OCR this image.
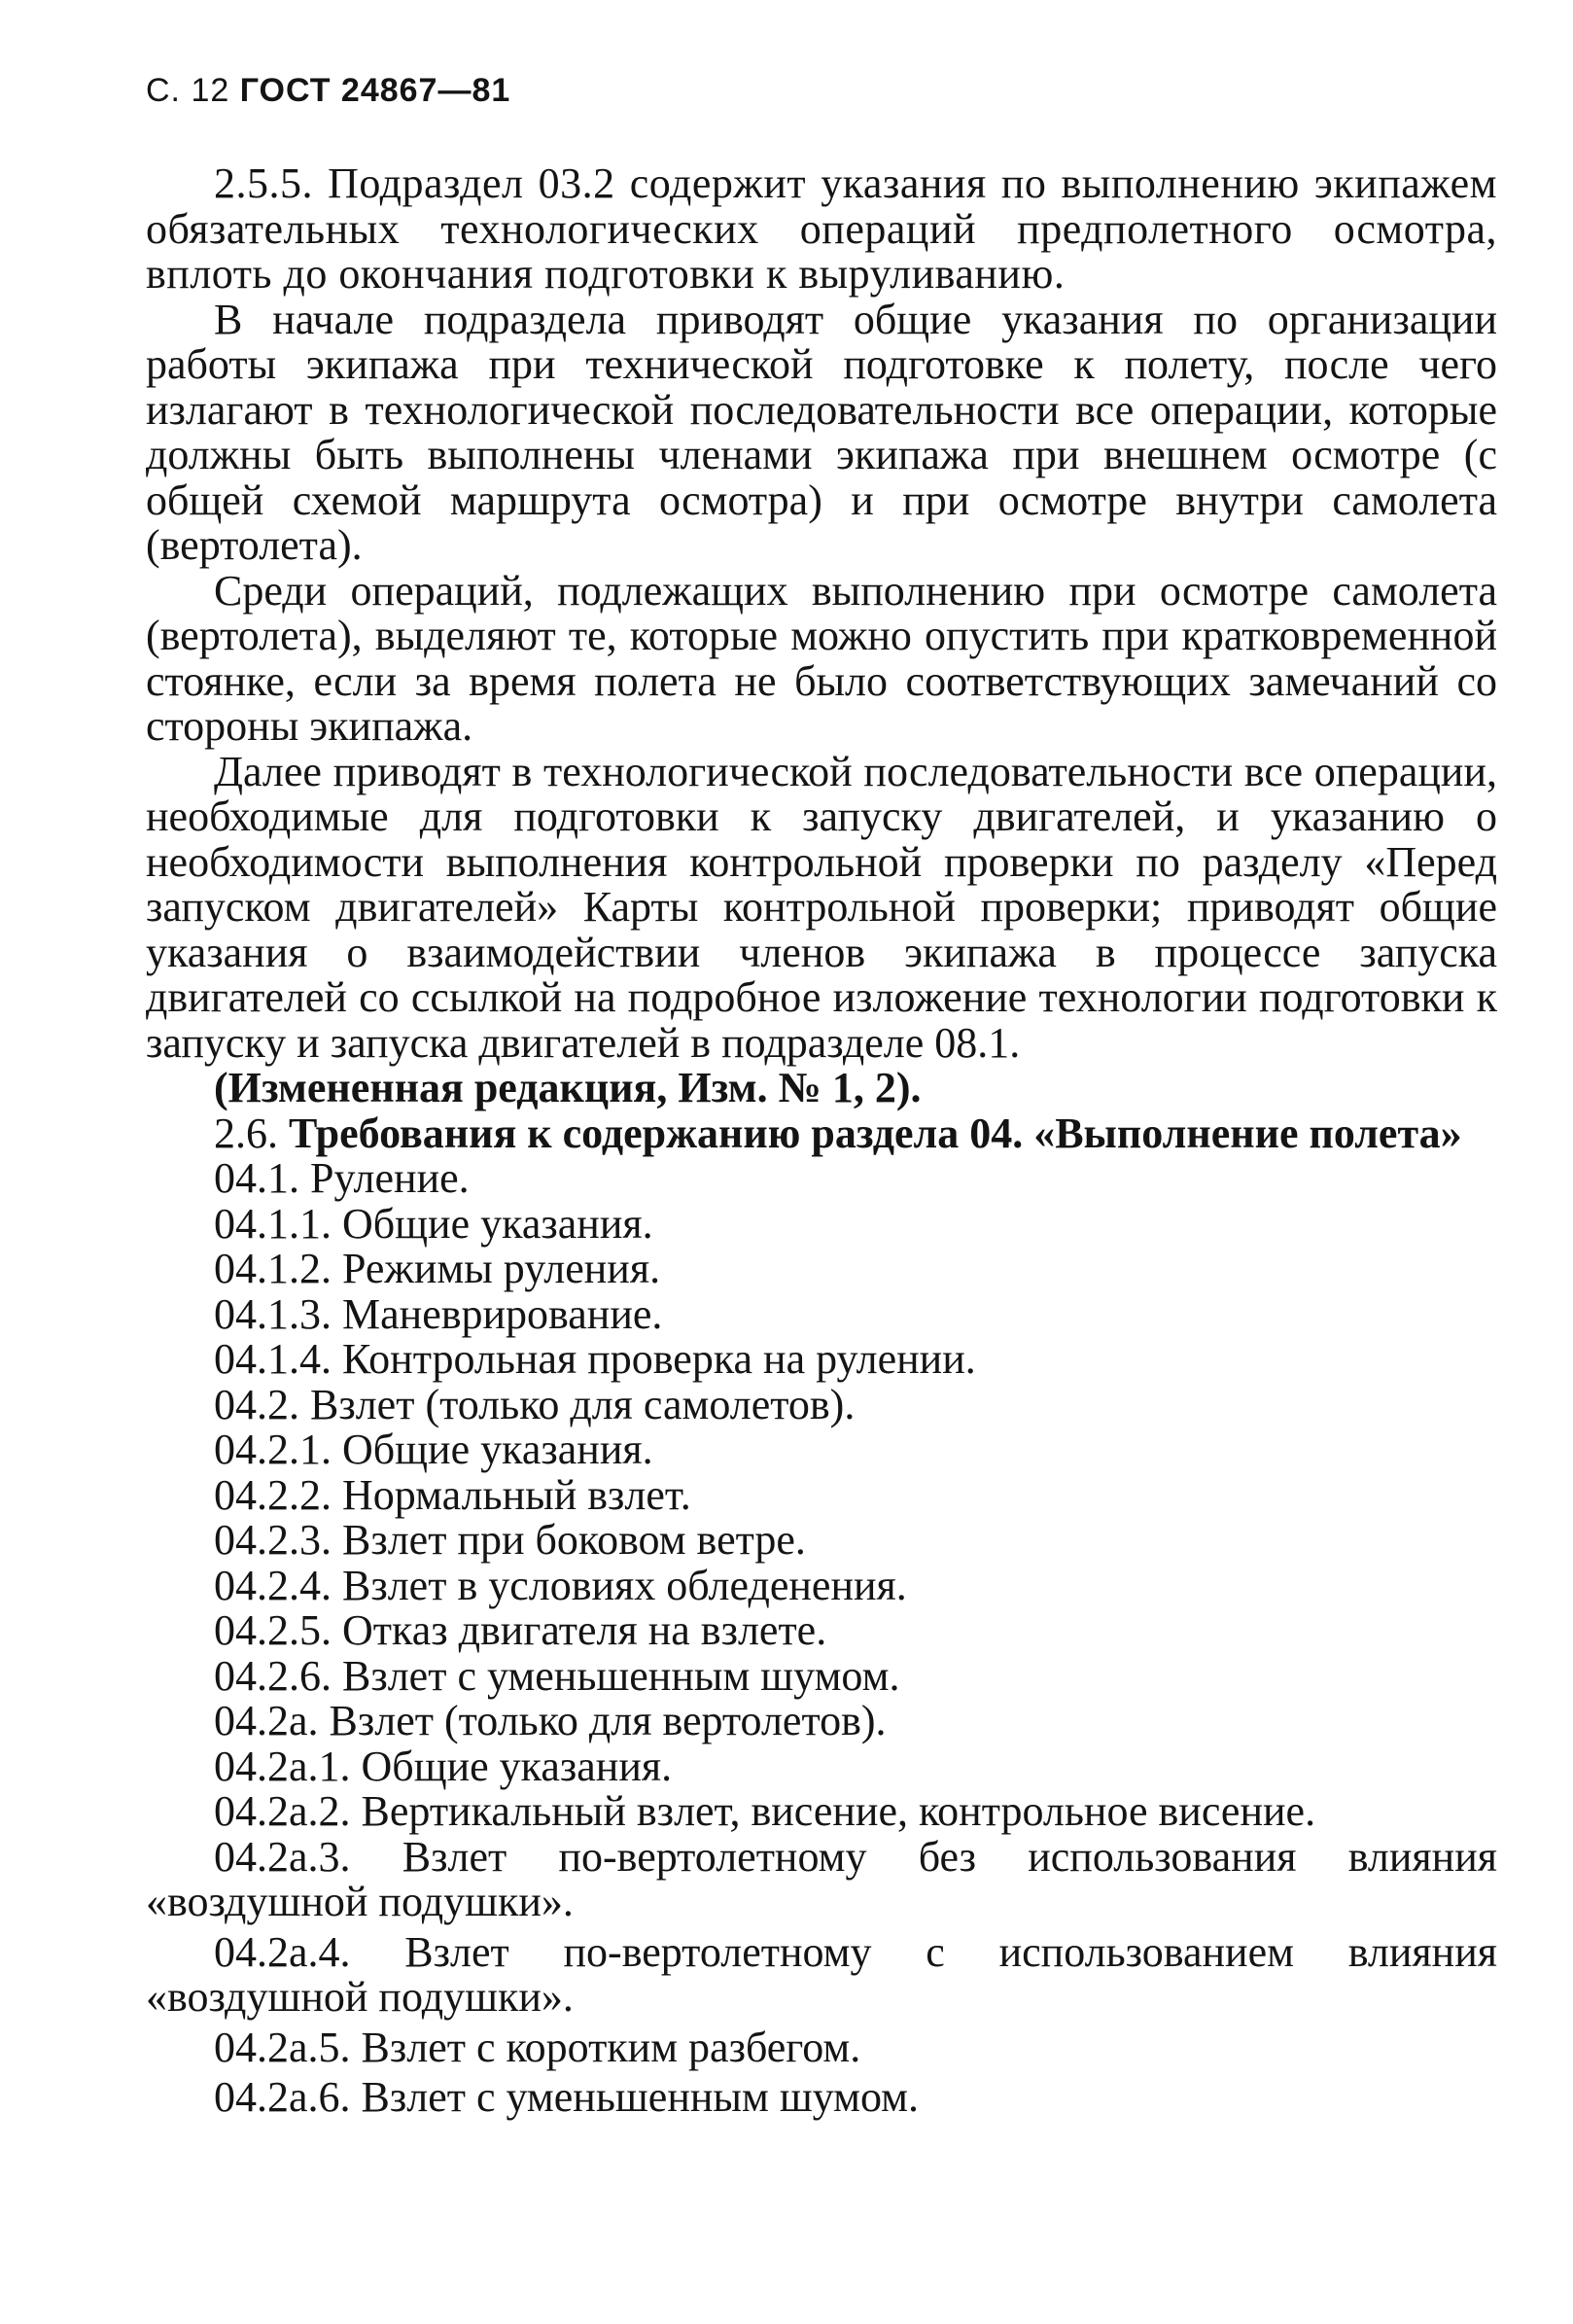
С. 12 ГОСТ 24867—81

2.5.5. Подраздел 03.2 содержит указания по выполнению экипажем обязательных технологических операций предполетного осмотра, вплоть до окончания подготовки к выруливанию.

В начале подраздела приводят общие указания по организации работы экипажа при технической подготовке к полету, после чего излагают в технологической последовательности все операции, которые должны быть выполнены членами экипажа при внешнем осмотре (с общей схемой маршрута осмотра) и при осмотре внутри самолета (вертолета).

Среди операций, подлежащих выполнению при осмотре самолета (вертолета), выделяют те, которые можно опустить при кратковременной стоянке, если за время полета не было соответствующих замечаний со стороны экипажа.

Далее приводят в технологической последовательности все операции, необходимые для подготовки к запуску двигателей, и указанию о необходимости выполнения контрольной проверки по разделу «Перед запуском двигателей» Карты контрольной проверки; приводят общие указания о взаимодействии членов экипажа в процессе запуска двигателей со ссылкой на подробное изложение технологии подготовки к запуску и запуска двигателей в подразделе 08.1.

(Измененная редакция, Изм. № 1, 2).

2.6. Требования к содержанию раздела 04. «Выполнение полета»

04.1. Руление.

04.1.1. Общие указания.

04.1.2. Режимы руления.

04.1.3. Маневрирование.

04.1.4. Контрольная проверка на рулении.

04.2. Взлет (только для самолетов).

04.2.1. Общие указания.

04.2.2. Нормальный взлет.

04.2.3. Взлет при боковом ветре.

04.2.4. Взлет в условиях обледенения.

04.2.5. Отказ двигателя на взлете.

04.2.6. Взлет с уменьшенным шумом.

04.2а. Взлет (только для вертолетов).

04.2а.1. Общие указания.

04.2а.2. Вертикальный взлет, висение, контрольное висение.

04.2а.3. Взлет по-вертолетному без использования влияния «воздушной подушки».

04.2а.4. Взлет по-вертолетному с использованием влияния «воздушной подушки».

04.2а.5. Взлет с коротким разбегом.

04.2а.6. Взлет с уменьшенным шумом.
